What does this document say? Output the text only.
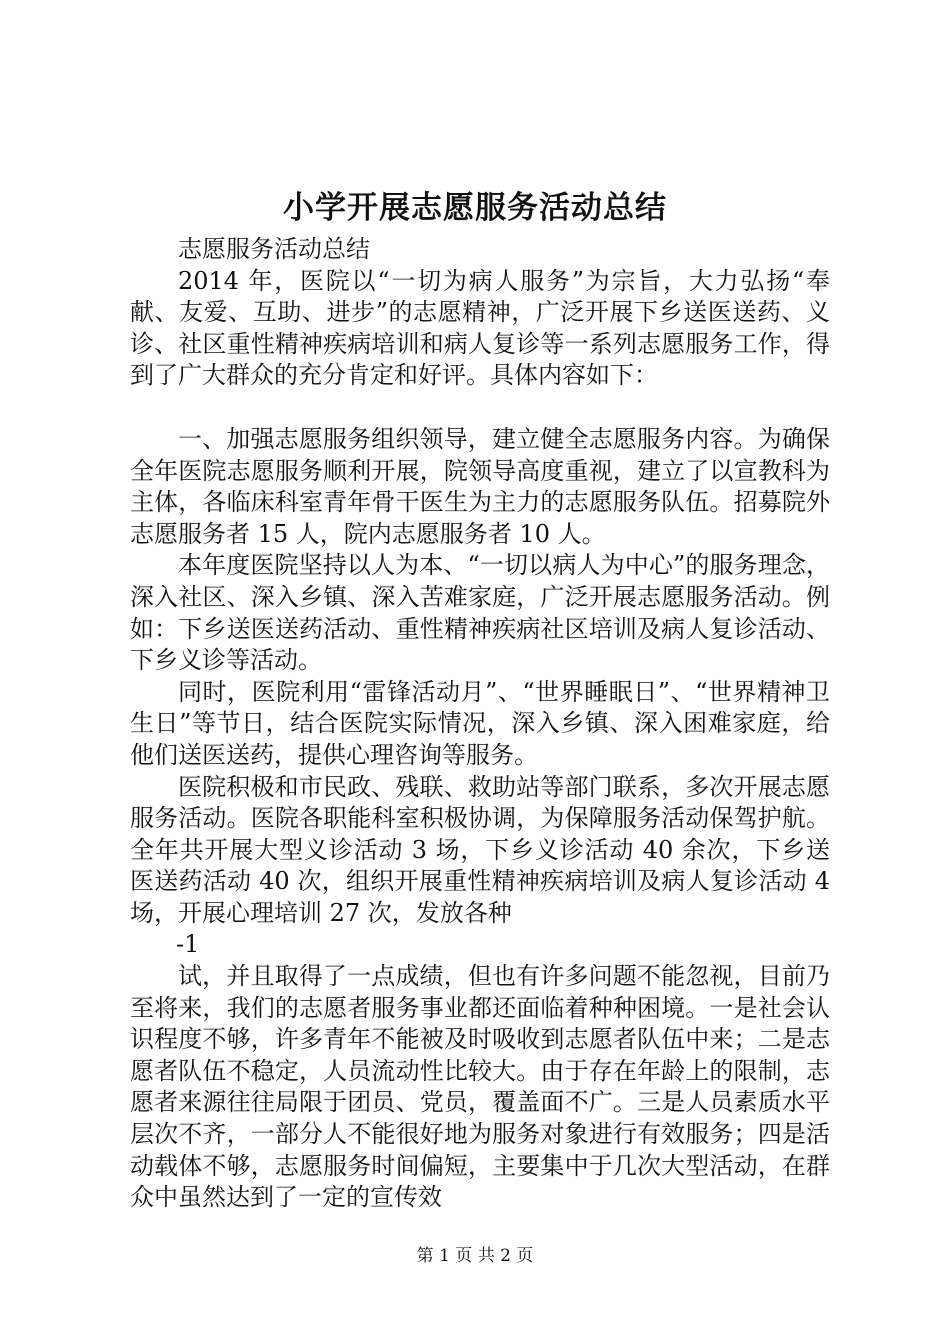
小学开展志愿服务活动总结

志愿服务活动总结

2014 年，医院以“一切为病人服务”为宗旨，大力弘扬“奉献、友爱、互助、进步”的志愿精神，广泛开展下乡送医送药、义诊、社区重性精神疾病培训和病人复诊等一系列志愿服务工作，得到了广大群众的充分肯定和好评。具体内容如下：

一、加强志愿服务组织领导，建立健全志愿服务内容。为确保全年医院志愿服务顺利开展，院领导高度重视，建立了以宣教科为主体，各临床科室青年骨干医生为主力的志愿服务队伍。招募院外志愿服务者 15 人，院内志愿服务者 10 人。

本年度医院坚持以人为本、“一切以病人为中心”的服务理念，深入社区、深入乡镇、深入苦难家庭，广泛开展志愿服务活动。例如：下乡送医送药活动、重性精神疾病社区培训及病人复诊活动、下乡义诊等活动。

同时，医院利用“雷锋活动月”、“世界睡眠日”、“世界精神卫生日”等节日，结合医院实际情况，深入乡镇、深入困难家庭，给他们送医送药，提供心理咨询等服务。

医院积极和市民政、残联、救助站等部门联系，多次开展志愿服务活动。医院各职能科室积极协调，为保障服务活动保驾护航。全年共开展大型义诊活动 3 场，下乡义诊活动 40 余次，下乡送医送药活动 40 次，组织开展重性精神疾病培训及病人复诊活动 4 场，开展心理培训 27 次，发放各种

-1

试，并且取得了一点成绩，但也有许多问题不能忽视，目前乃至将来，我们的志愿者服务事业都还面临着种种困境。一是社会认识程度不够，许多青年不能被及时吸收到志愿者队伍中来；二是志愿者队伍不稳定，人员流动性比较大。由于存在年龄上的限制，志愿者来源往往局限于团员、党员，覆盖面不广。三是人员素质水平层次不齐，一部分人不能很好地为服务对象进行有效服务；四是活动载体不够，志愿服务时间偏短，主要集中于几次大型活动，在群众中虽然达到了一定的宣传效

第 1 页 共 2 页
